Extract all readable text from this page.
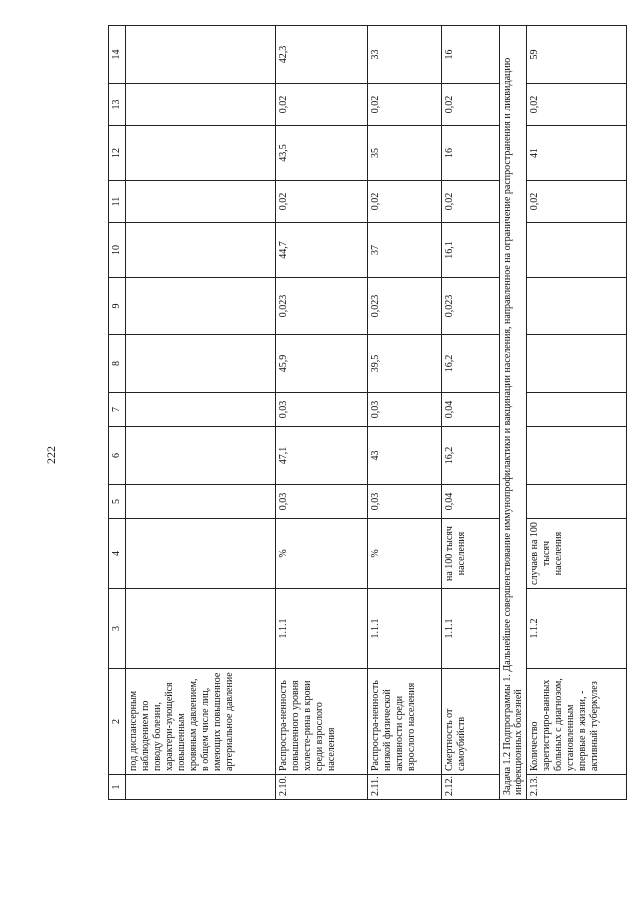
222
1	2	3	4	5	6	7	8	9	10	11	12	13	14
	под диспансерным наблюдением по поводу болезни, характери-зующейся повышенным кровяным давлением, в общем числе лиц, имеющих повышенное артериальное давление												
2.10.	Распростра-ненность повышенного уровня холесте-рина в крови среди взрослого населения	1.1.1	%	0,03	47,1	0,03	45,9	0,023	44,7	0,02	43,5	0,02	42,3
2.11.	Распростра-ненность низкой физической активности среди взрослого населения	1.1.1	%	0,03	43	0,03	39,5	0,023	37	0,02	35	0,02	33
2.12.	Смертность от самоубийств	1.1.1	на 100 тысяч населения	0,04	16,2	0,04	16,2	0,023	16,1	0,02	16	0,02	16
Задача 1.2 Подпрограммы 1. Дальнейшее совершенствование иммунопрофилактики и вакцинации населения, направленное на ограничение распространения и ликвидацию инфекционных болезней													
2.13.	Количество зарегистриро-ванных больных с диагнозом, установленным впервые в жизни, - активный туберкулез	1.1.2	случаев на 100 тысяч населения							0,02	41	0,02	59
